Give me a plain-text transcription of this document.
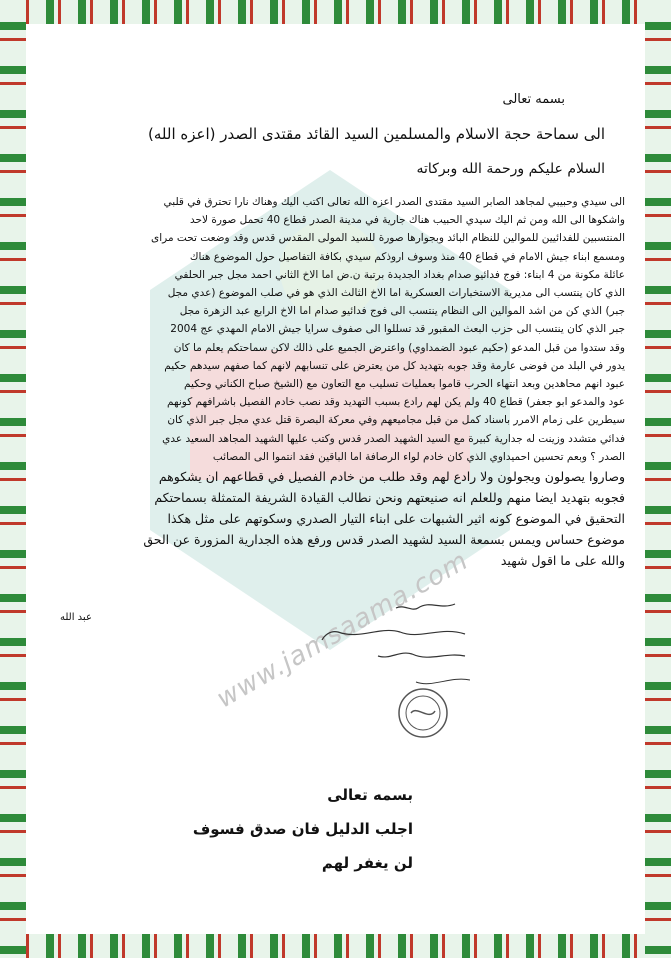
www.jamsaama.com
بسمه تعالى
الى سماحة حجة الاسلام والمسلمين السيد القائد مقتدى الصدر (اعزه الله)
السلام عليكم ورحمة الله وبركاته
الى سيدي وحبيبي لمجاهد الصابر السيد مقتدى الصدر اعزه الله تعالى اكتب اليك وهناك نارا تحترق في قلبي
واشكوها الى الله ومن ثم اليك سيدي الحبيب هناك جارية في مدينة الصدر قطاع 40 تحمل صورة لاحد
المنتسبين للفدائيين للموالين للنظام البائد وبجوارها صورة للسيد المولى المقدس قدس وقد وضعت تحت مراى
ومسمع ابناء جيش الامام في قطاع 40 منذ وسوف اروذكم سيدي بكافة التفاصيل حول الموضوع هناك
عائلة مكونة من 4 ابناء: فوج فدائيو صدام بغداد الجديدة برتبة ن.ض اما الاخ الثاني احمد مجل جبر الحلفي
الذي كان ينتسب الى مديرية الاستخبارات العسكرية اما الاخ الثالث الذي هو في صلب الموضوع (عدي مجل
جبر) الذي كن من اشد الموالين الى النظام ينتسب الى فوج فدائيو صدام اما الاخ الرابع عبد الزهرة مجل
جبر الذي كان ينتسب الى حزب البعث المقبور قد تسللوا الى صفوف سرايا جيش الامام المهدي عج 2004
وقد ستدوا من قبل المدعو (حكيم عبود الضمداوي) واعترض الجميع على ذالك لاكن سماحتكم يعلم ما كان
يدور في البلد من فوضى عارمة وقد جوبه بتهديد كل من يعترض على تنسابهم لانهم كما صفهم سيدهم حكيم
عبود انهم محاهدين وبعد انتهاء الحرب قاموا بعمليات تسليب مع التعاون مع (الشيخ صباح الكناني وحكيم
عود والمدعو ابو جعفر) قطاع 40 ولم يكن لهم رادع بسبب التهديد وقد نصب خادم الفصيل باشرافهم كونهم
سيطرين على زمام الامرر باسناد كمل من قبل مجاميعهم وفي معركة البصرة قتل عدي مجل جبر الذي كان
فدائي متشدد وزينت له جدارية كبيرة مع السيد الشهيد الصدر قدس وكتب عليها الشهيد المجاهد السعيد عدي
الصدر ؟ وبعم تحسين احميداوي الذي كان خادم لواء الرصافة اما الباقين فقد انتموا الى المصائب
وصاروا يصولون ويجولون ولا رادع لهم وقد طلب من خادم الفصيل في قطاعهم ان يشكوهم
فجوبه بتهديد ايضا منهم وللعلم انه صنيعتهم ونحن نطالب القيادة الشريفة المتمثلة بسماحتكم
التحقيق في الموضوع كونه اثير الشبهات على ابناء التيار الصدري وسكوتهم على مثل هكذا
موضوع حساس ويمس بسمعة السيد لشهيد الصدر قدس ورفع هذه الجدارية المزورة عن الحق
والله على ما اقول شهيد
عبد الله
بسمه تعالى
اجلب الدليل فان صدق فسوف
لن يغفر لهم
